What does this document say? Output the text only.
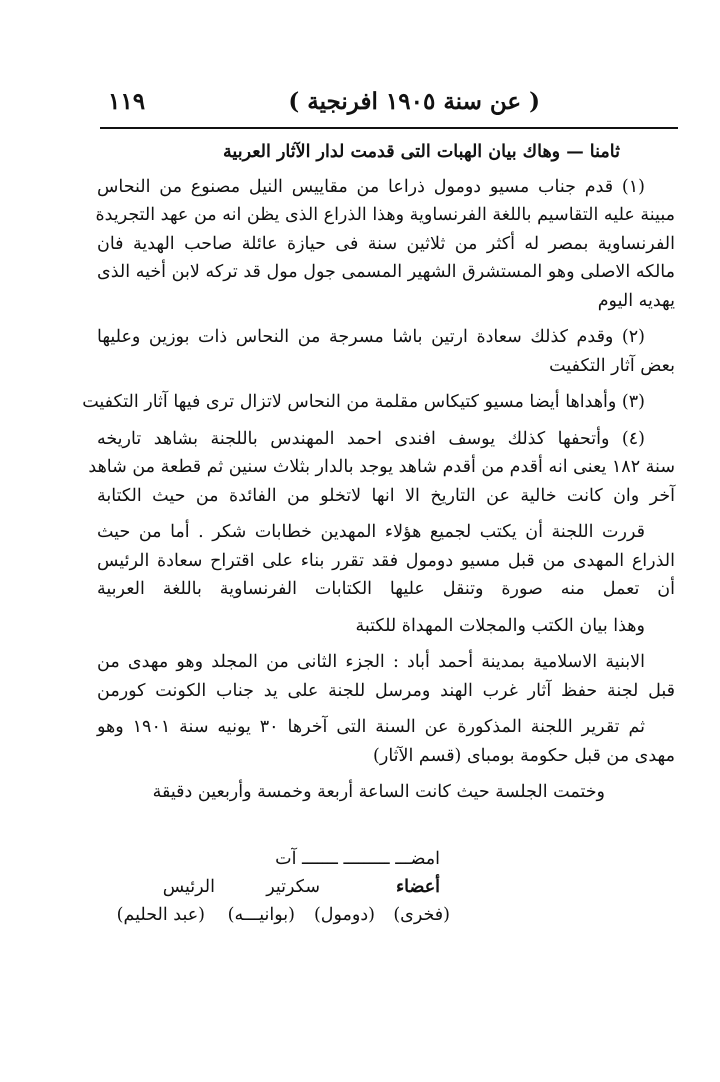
( عن سنة ١٩٠٥ افرنجية )
١١٩
ثامنا — وهاك بيان الهبات التى قدمت لدار الآثار العربية
(١) قدم جناب مسيو دومول ذراعا من مقاييس النيل مصنوع من النحاس
مبينة عليه التقاسيم باللغة الفرنساوية وهذا الذراع الذى يظن انه من عهد التجريدة
الفرنساوية بمصر له أكثر من ثلاثين سنة فى حيازة عائلة صاحب الهدية فان
مالكه الاصلى وهو المستشرق الشهير المسمى جول مول قد تركه لابن أخيه الذى
يهديه اليوم
(٢) وقدم كذلك سعادة ارتين باشا مسرجة من النحاس ذات بوزين وعليها
بعض آثار التكفيت
(٣) وأهداها أيضا مسيو كتيكاس مقلمة من النحاس لاتزال ترى فيها آثار التكفيت
(٤) وأتحفها كذلك يوسف افندى احمد المهندس باللجنة بشاهد تاريخه
سنة ١٨٢ يعنى انه أقدم من أقدم شاهد يوجد بالدار بثلاث سنين ثم قطعة من شاهد
آخر وان كانت خالية عن التاريخ الا انها لاتخلو من الفائدة من حيث الكتابة
قررت اللجنة أن يكتب لجميع هؤلاء المهدين خطابات شكر . أما من حيث
الذراع المهدى من قبل مسيو دومول فقد تقرر بناء على اقتراح سعادة الرئيس
أن تعمل منه صورة وتنقل عليها الكتابات الفرنساوية باللغة العربية
وهذا بيان الكتب والمجلات المهداة للكتبة
الابنية الاسلامية بمدينة أحمد أباد : الجزء الثانى من المجلد وهو مهدى من
قبل لجنة حفظ آثار غرب الهند ومرسل للجنة على يد جناب الكونت كورمن
ثم تقرير اللجنة المذكورة عن السنة التى آخرها ٣٠ يونيه سنة ١٩٠١ وهو
مهدى من قبل حكومة بومباى (قسم الآثار)
وختمت الجلسة حيث كانت الساعة أربعة وخمسة وأربعين دقيقة
امضـــ ـــــــــ ـــــــ آت
أعضاء
سكرتير
الرئيس
(فخرى)
(دومول)
(بوانيـــه)
(عبد الحليم)
